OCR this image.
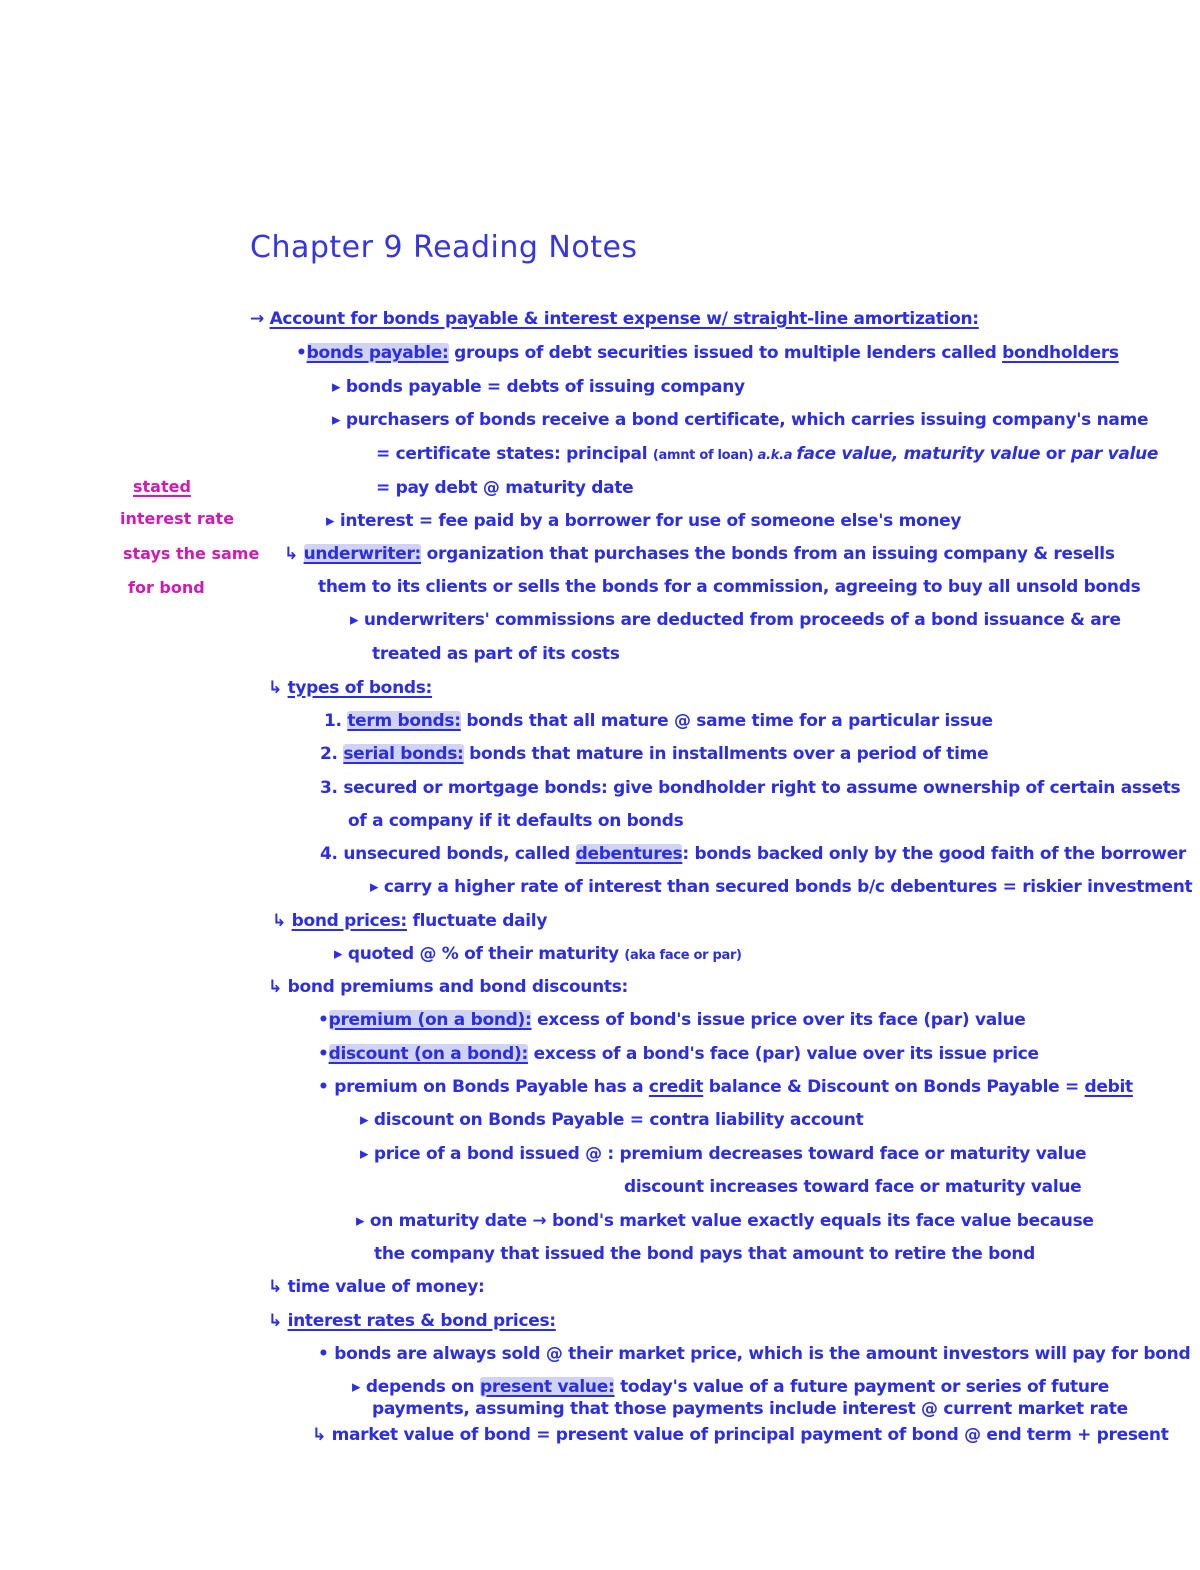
Chapter 9 Reading Notes
stated
interest rate
stays the same
for bond
→ Account for bonds payable & interest expense w/ straight-line amortization:
•bonds payable: groups of debt securities issued to multiple lenders called bondholders
▸ bonds payable = debts of issuing company
▸ purchasers of bonds receive a bond certificate, which carries issuing company's name
= certificate states: principal (amnt of loan) a.k.a face value, maturity value or par value
= pay debt @ maturity date
▸ interest = fee paid by a borrower for use of someone else's money
↳ underwriter: organization that purchases the bonds from an issuing company & resells
them to its clients or sells the bonds for a commission, agreeing to buy all unsold bonds
▸ underwriters' commissions are deducted from proceeds of a bond issuance & are
treated as part of its costs
↳ types of bonds:
1. term bonds: bonds that all mature @ same time for a particular issue
2. serial bonds: bonds that mature in installments over a period of time
3. secured or mortgage bonds: give bondholder right to assume ownership of certain assets
of a company if it defaults on bonds
4. unsecured bonds, called debentures: bonds backed only by the good faith of the borrower
▸ carry a higher rate of interest than secured bonds b/c debentures = riskier investment
↳ bond prices: fluctuate daily
▸ quoted @ % of their maturity (aka face or par)
↳ bond premiums and bond discounts:
•premium (on a bond): excess of bond's issue price over its face (par) value
•discount (on a bond): excess of a bond's face (par) value over its issue price
• premium on Bonds Payable has a credit balance & Discount on Bonds Payable = debit
▸ discount on Bonds Payable = contra liability account
▸ price of a bond issued @ : premium decreases toward face or maturity value
discount increases toward face or maturity value
▸ on maturity date → bond's market value exactly equals its face value because
the company that issued the bond pays that amount to retire the bond
↳ time value of money:
↳ interest rates & bond prices:
• bonds are always sold @ their market price, which is the amount investors will pay for bond
▸ depends on present value: today's value of a future payment or series of future
payments, assuming that those payments include interest @ current market rate
↳ market value of bond = present value of principal payment of bond @ end term + present
